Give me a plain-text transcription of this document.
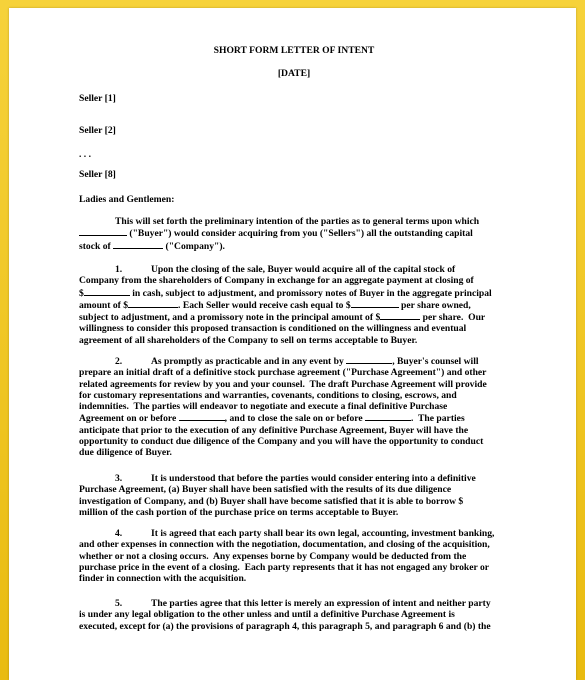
SHORT FORM LETTER OF INTENT
[DATE]
Seller [1]
Seller [2]
. . .
Seller [8]
Ladies and Gentlemen:
This will set forth the preliminary intention of the parties as to general terms upon which
("Buyer") would consider acquiring from you ("Sellers") all the outstanding capital
stock of	("Company").
1.	Upon the closing of the sale, Buyer would acquire all of the capital stock of
Company from the shareholders of Company in exchange for an aggregate payment at closing of
$	in cash, subject to adjustment, and promissory notes of Buyer in the aggregate principal
amount of $	. Each Seller would receive cash equal to $	per share owned,
subject to adjustment, and a promissory note in the principal amount of $	per share.  Our
willingness to consider this proposed transaction is conditioned on the willingness and eventual
agreement of all shareholders of the Company to sell on terms acceptable to Buyer.
2.	As promptly as practicable and in any event by	, Buyer's counsel will
prepare an initial draft of a definitive stock purchase agreement ("Purchase Agreement") and other
related agreements for review by you and your counsel.  The draft Purchase Agreement will provide
for customary representations and warranties, covenants, conditions to closing, escrows, and
indemnities.  The parties will endeavor to negotiate and execute a final definitive Purchase
Agreement on or before	, and to close the sale on or before	.  The parties
anticipate that prior to the execution of any definitive Purchase Agreement, Buyer will have the
opportunity to conduct due diligence of the Company and you will have the opportunity to conduct
due diligence of Buyer.
3.	It is understood that before the parties would consider entering into a definitive
Purchase Agreement, (a) Buyer shall have been satisfied with the results of its due diligence
investigation of Company, and (b) Buyer shall have become satisfied that it is able to borrow $
million of the cash portion of the purchase price on terms acceptable to Buyer.
4.	It is agreed that each party shall bear its own legal, accounting, investment banking,
and other expenses in connection with the negotiation, documentation, and closing of the acquisition,
whether or not a closing occurs.  Any expenses borne by Company would be deducted from the
purchase price in the event of a closing.  Each party represents that it has not engaged any broker or
finder in connection with the acquisition.
5.	The parties agree that this letter is merely an expression of intent and neither party
is under any legal obligation to the other unless and until a definitive Purchase Agreement is
executed, except for (a) the provisions of paragraph 4, this paragraph 5, and paragraph 6 and (b) the
